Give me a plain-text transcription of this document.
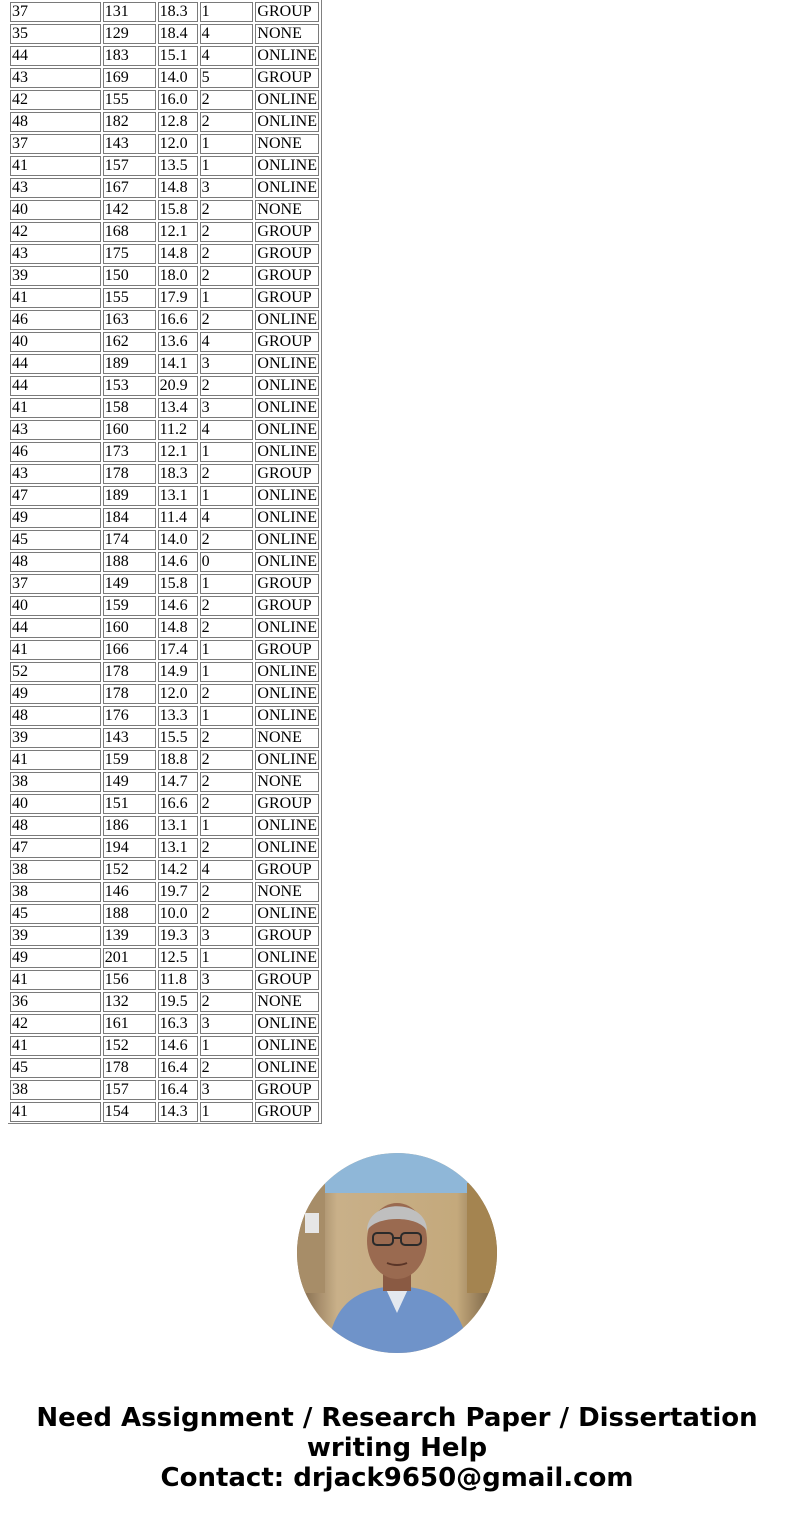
37	131	18.3	1	GROUP
35	129	18.4	4	NONE
44	183	15.1	4	ONLINE
43	169	14.0	5	GROUP
42	155	16.0	2	ONLINE
48	182	12.8	2	ONLINE
37	143	12.0	1	NONE
41	157	13.5	1	ONLINE
43	167	14.8	3	ONLINE
40	142	15.8	2	NONE
42	168	12.1	2	GROUP
43	175	14.8	2	GROUP
39	150	18.0	2	GROUP
41	155	17.9	1	GROUP
46	163	16.6	2	ONLINE
40	162	13.6	4	GROUP
44	189	14.1	3	ONLINE
44	153	20.9	2	ONLINE
41	158	13.4	3	ONLINE
43	160	11.2	4	ONLINE
46	173	12.1	1	ONLINE
43	178	18.3	2	GROUP
47	189	13.1	1	ONLINE
49	184	11.4	4	ONLINE
45	174	14.0	2	ONLINE
48	188	14.6	0	ONLINE
37	149	15.8	1	GROUP
40	159	14.6	2	GROUP
44	160	14.8	2	ONLINE
41	166	17.4	1	GROUP
52	178	14.9	1	ONLINE
49	178	12.0	2	ONLINE
48	176	13.3	1	ONLINE
39	143	15.5	2	NONE
41	159	18.8	2	ONLINE
38	149	14.7	2	NONE
40	151	16.6	2	GROUP
48	186	13.1	1	ONLINE
47	194	13.1	2	ONLINE
38	152	14.2	4	GROUP
38	146	19.7	2	NONE
45	188	10.0	2	ONLINE
39	139	19.3	3	GROUP
49	201	12.5	1	ONLINE
41	156	11.8	3	GROUP
36	132	19.5	2	NONE
42	161	16.3	3	ONLINE
41	152	14.6	1	ONLINE
45	178	16.4	2	ONLINE
38	157	16.4	3	GROUP
41	154	14.3	1	GROUP
Need Assignment / Research Paper / Dissertation
writing Help
Contact: drjack9650@gmail.com
